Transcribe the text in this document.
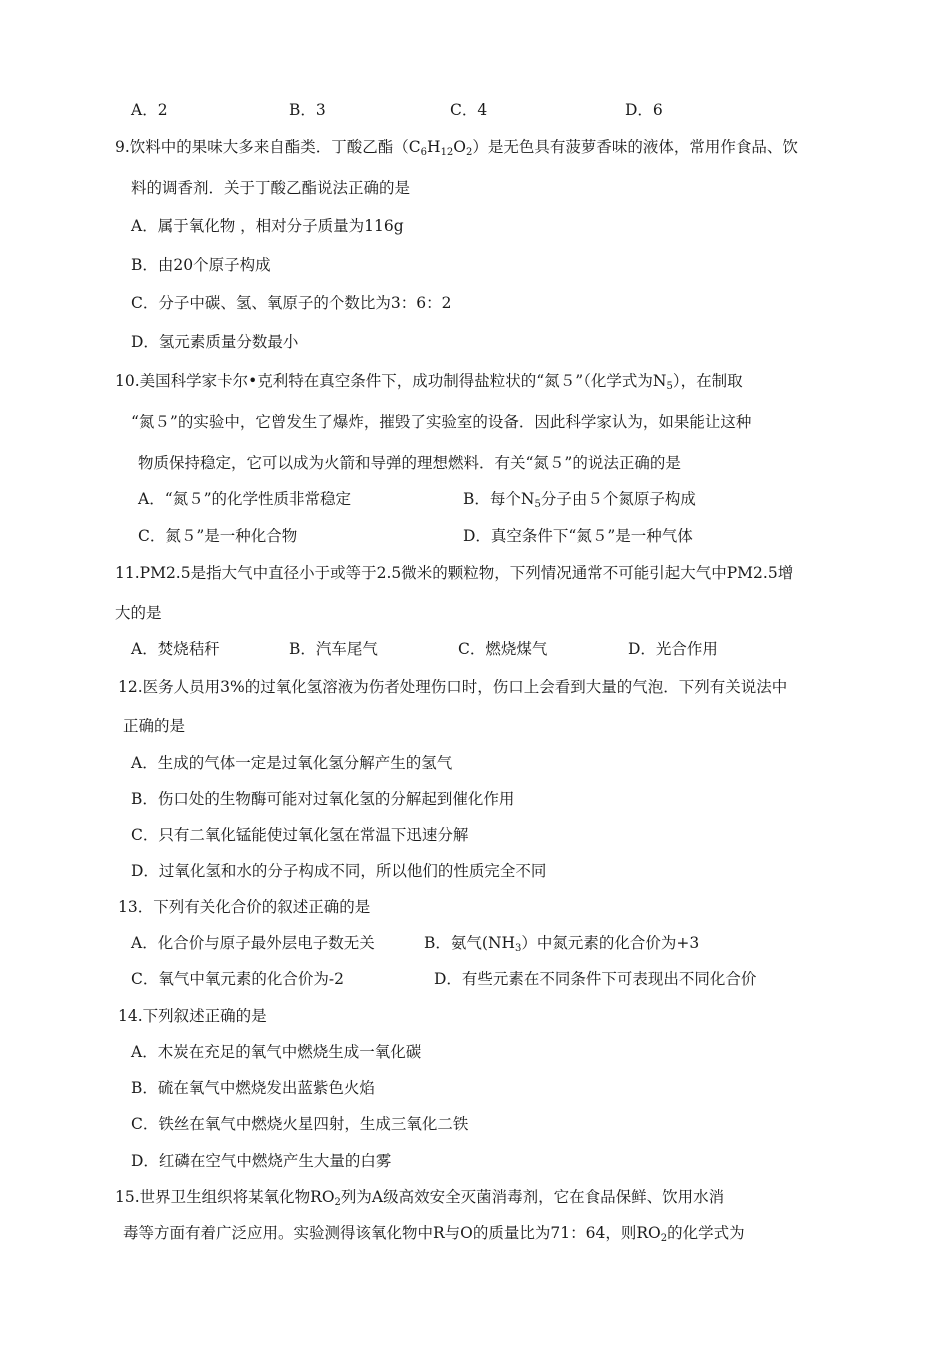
A．2	B．3	C．4	D．6
9.饮料中的果味大多来自酯类．丁酸乙酯$(C_6H_{12}O_2)$是无色具有菠萝香味的液体，常用作食品、饮
料的调香剂．关于丁酸乙酯说法正确的是
A．属于氧化物 ，相对分子质量为116g
B．由20个原子构成
C．分子中碳、氢、氧原子的个数比为3：6：2
D．氢元素质量分数最小
10.美国科学家卡尔•克利特在真空条件下，成功制得盐粒状的“氮５”（化学式为$N_5$），在制取
“氮５”的实验中，它曾发生了爆炸，摧毁了实验室的设备．因此科学家认为，如果能让这种
物质保持稳定，它可以成为火箭和导弹的理想燃料．有关“氮５”的说法正确的是
A．“氮５”的化学性质非常稳定	B．每个$N_5$分子由５个氮原子构成
C．氮５”是一种化合物	D．真空条件下“氮５”是一种气体
11.PM2.5是指大气中直径小于或等于2.5微米的颗粒物，下列情况通常不可能引起大气中PM2.5增
大的是
A．焚烧秸秆	B．汽车尾气	C．燃烧煤气	D．光合作用
12.医务人员用3%的过氧化氢溶液为伤者处理伤口时，伤口上会看到大量的气泡．下列有关说法中
正确的是
A．生成的气体一定是过氧化氢分解产生的氢气
B．伤口处的生物酶可能对过氧化氢的分解起到催化作用
C．只有二氧化锰能使过氧化氢在常温下迅速分解
D．过氧化氢和水的分子构成不同，所以他们的性质完全不同
13．下列有关化合价的叙述正确的是
A．化合价与原子最外层电子数无关	B．氨气$(NH_3)$中氮元素的化合价为+3
C．氧气中氧元素的化合价为-2	D．有些元素在不同条件下可表现出不同化合价
14.下列叙述正确的是
A．木炭在充足的氧气中燃烧生成一氧化碳
B．硫在氧气中燃烧发出蓝紫色火焰
C．铁丝在氧气中燃烧火星四射，生成三氧化二铁
D．红磷在空气中燃烧产生大量的白雾
15.世界卫生组织将某氧化物$RO_2$列为A级高效安全灭菌消毒剂，它在食品保鲜、饮用水消
毒等方面有着广泛应用。实验测得该氧化物中R与O的质量比为71：64，则$RO_2$的化学式为
